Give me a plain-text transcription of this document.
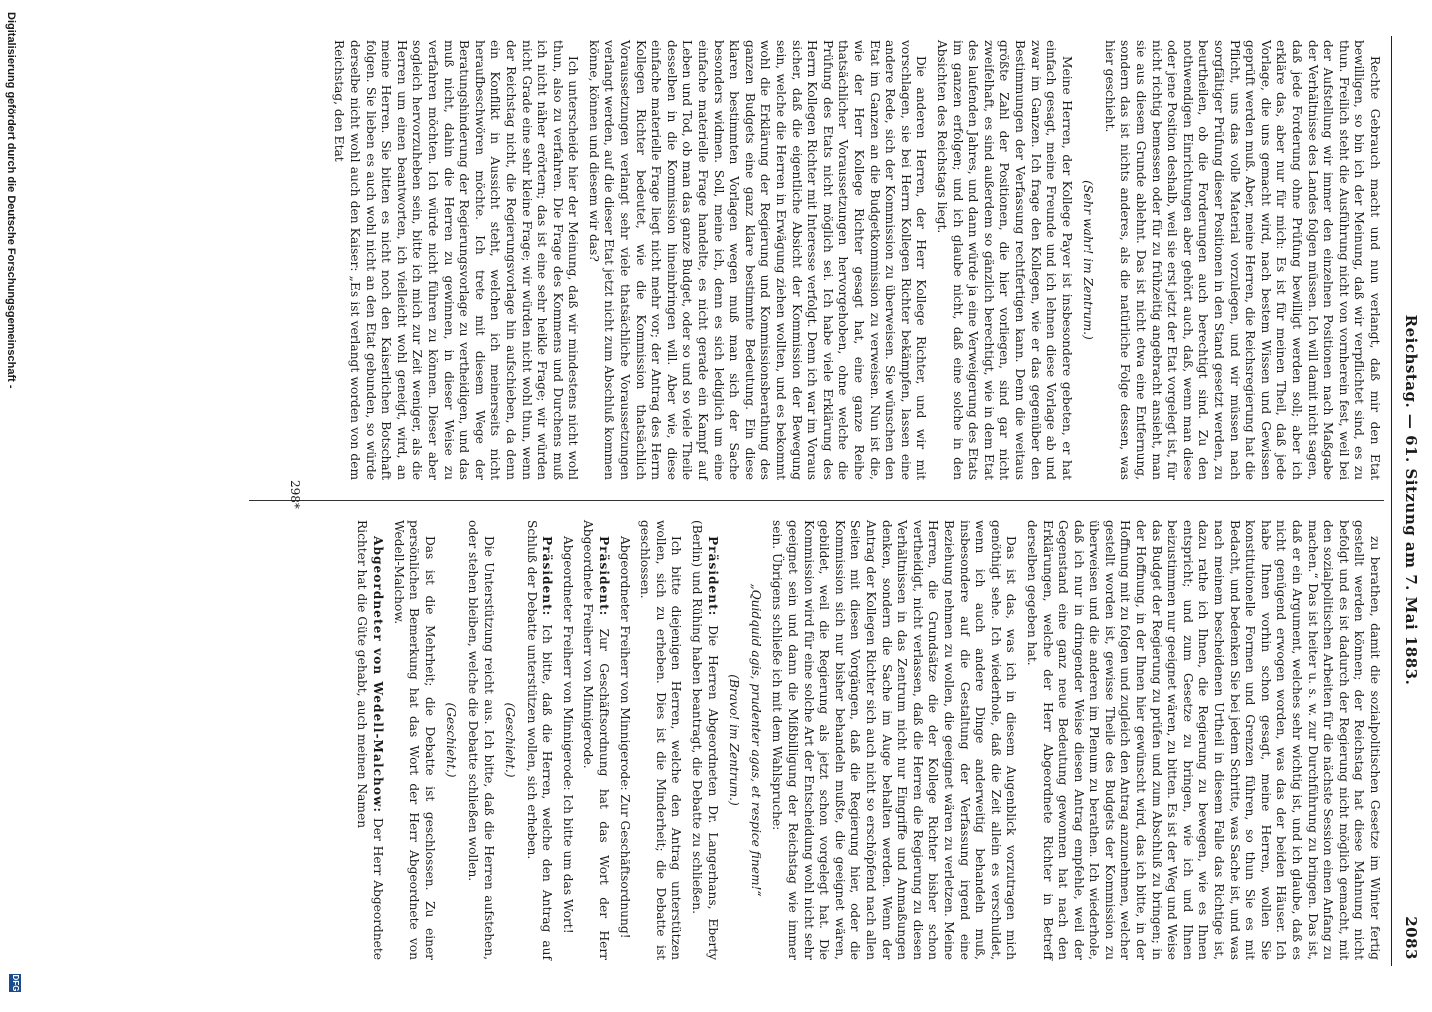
Reichstag. — 61. Sitzung am 7. Mai 1883.
2083

Rechte Gebrauch macht und nun verlangt, daß mir den Etat bewilligen, so bin ich der Meinung, daß wir verpflichtet sind, es zu thun. Freilich steht die Ausführung nicht von vornherein fest, weil bei der Aufstellung wir immer den einzelnen Positionen nach Maßgabe der Verhältnisse des Landes folgen müssen. Ich will damit nicht sagen, daß jede Forderung ohne Prüfung bewilligt werden soll; aber ich erkläre das, aber nur für mich: Es ist für meinen Theil, daß jede Vorlage, die uns gemacht wird, nach bestem Wissen und Gewissen geprüft werden muß. Aber, meine Herren, die Reichsregierung hat die Pflicht, uns das volle Material vorzulegen, und wir müssen nach sorgfältiger Prüfung dieser Positionen in den Stand gesetzt werden, zu beurtheilen, ob die Forderungen auch berechtigt sind. Zu den nothwendigen Einrichtungen aber gehört auch, daß, wenn man diese oder jene Position deshalb, weil sie erst jetzt der Etat vorgelegt ist, für nicht richtig bemessen oder für zu frühzeitig angebracht ansieht, man sie aus diesem Grunde ablehnt. Das ist nicht etwa eine Entfernung, sondern das ist nichts anderes, als die natürliche Folge dessen, was hier geschieht.

(Sehr wahr! im Zentrum.)

Meine Herren, der Kollege Payer ist insbesondere gebeten, er hat einfach gesagt, meine Freunde und ich lehnen diese Vorlage ab und zwar im Ganzen. Ich frage den Kollegen, wie er das gegenüber den Bestimmungen der Verfassung rechtfertigen kann. Denn die weitaus größte Zahl der Positionen, die hier vorliegen, sind gar nicht zweifelhaft, es sind außerdem so gänzlich berechtigt, wie in dem Etat des laufenden Jahres, und dann würde ja eine Verweigerung des Etats im ganzen erfolgen; und ich glaube nicht, daß eine solche in den Absichten des Reichstags liegt.

Die anderen Herren, der Herr Kollege Richter, und wir mit vorschlagen, sie bei Herrn Kollegen Richter bekämpfen, lassen eine andere Rede, sich der Kommission zu überweisen. Sie wünschen den Etat im Ganzen an die Budgetkommission zu verweisen. Nun ist die, wie der Herr Kollege Richter gesagt hat, eine ganze Reihe thatsächlicher Voraussetzungen hervorgehoben, ohne welche die Prüfung des Etats nicht möglich sei. Ich habe viele Erklärung des Herrn Kollegen Richter mit Interesse verfolgt. Denn ich war im Voraus sicher, daß die eigentliche Absicht der Kommission der Bewegung sein, welche die Herren in Erwägung ziehen wollten, und es bekommt wohl die Erklärung der Regierung und Kommissionsberathung des ganzen Budgets eine ganz klare bestimmte Bedeutung. Ein diese klaren bestimmten Vorlagen wegen muß man sich der Sache besonders widmen. Soll, meine ich, denn es sich lediglich um eine einfache materielle Frage handelte, es nicht gerade ein Kampf auf Leben und Tod, ob man das ganze Budget, oder so und so viele Theile desselben in die Kommission hineinbringen will. Aber wie, diese einfache materielle Frage liegt nicht mehr vor; der Antrag des Herrn Kollegen Richter bedeutet, wie die Kommission thatsächlich Voraussetzungen verlangt sehr viele thatsächliche Voraussetzungen verlangt werden, auf die dieser Etat jetzt nicht zum Abschluß kommen könne, können und diesem wir das?

Ich unterscheide hier der Meinung, daß wir mindestens nicht wohl thun, also zu verfahren. Die Frage des Kommens und Durchens muß ich nicht näher erörtern; das ist eine sehr heikle Frage; wir würden nicht Grade eine sehr kleine Frage; wir würden nicht wohl thun, wenn der Reichstag nicht, die Regierungsvorlage hin aufschieben, da denn ein Konflikt in Aussicht steht, welchen ich meinerseits nicht heraufbeschwören möchte. Ich trete mit diesem Wege der Beratungshinderung der Regierungsvorlage zu vertheidigen, und das muß nicht, dahin die Herren zu gewinnen, in dieser Weise zu verfahren möchten. Ich würde nicht führen zu können. Dieser aber sogleich hervorzuheben sein, bitte ich mich zur Zeit weniger, als die Herren um einen beantworten, ich vielleicht wohl geneigt, wird, an meine Herren. Sie bitten es nicht noch den Kaiserlichen Botschaft folgen. Sie lieben es auch wohl nicht an den Etat gebunden, so würde derselbe nicht wohl auch den Kaiser: „Es ist verlangt worden von dem Reichstag, den Etat

zu berathen, damit die sozialpolitischen Gesetze im Winter fertig gestellt werden können; der Reichstag hat diese Mahnung nicht befolgt und es ist dadurch der Regierung nicht möglich gemacht, mit den sozialpolitischen Arbeiten für die nächste Session einen Anfang zu machen.“ Das ist heiter u. s. w. zur Durchführung zu bringen. Das ist, daß er ein Argument, welches sehr wichtig ist, und ich glaube, daß es nicht genügend erwogen worden, was das der beiden Häuser. Ich habe Ihnen vorhin schon gesagt, meine Herren, wollen Sie konstitutionelle Formen und Grenzen führen, so thun Sie es mit Bedacht, und bedenken Sie bei jedem Schritte, was Sache ist, und was nach meinem bescheidenen Urtheil in diesem Falle das Richtige ist, dazu rathe ich Ihnen, die Regierung zu bewegen, wie es Ihnen entspricht; und zum Gesetze zu bringen, wie ich und Ihnen beizustimmen nur geeignet wären, zu bitten. Es ist der Weg und Weise das Budget der Regierung zu prüfen und zum Abschluß zu bringen; in der Hoffnung, in der Ihnen hier gewünscht wird, das ich bitte, in der Hoffnung mit zu folgen und zugleich den Antrag anzunehmen, welcher gestellt worden ist, gewisse Theile des Budgets der Kommission zu überweisen und die anderen im Plenum zu berathen. Ich wiederhole, daß ich nur in dringender Weise diesen Antrag empfehle, weil der Gegenstand eine ganz neue Bedeutung gewonnen hat nach den Erklärungen, welche der Herr Abgeordnete Richter in Betreff derselben gegeben hat.

Das ist das, was ich in diesem Augenblick vorzutragen mich genöthigt sehe. Ich wiederhole, daß die Zeit allein es verschuldet, wenn ich auch andere Dinge anderweitig behandeln muß, insbesondere auf die Gestaltung der Verfassung irgend eine Beziehung nehmen zu wollen, die geeignet wären zu verletzen. Meine Herren, die Grundsätze die der Kollege Richter bisher schon vertheidigt, nicht verlassen, daß die Herren die Regierung zu diesen Verhältnissen in das Zentrum nicht nur Eingriffe und Anmaßungen denken, sondern die Sache im Auge behalten werden. Wenn der Antrag der Kollegen Richter sich auch nicht so erschöpfend nach allen Seiten mit diesen Vorgängen, daß die Regierung hier, oder die Kommission sich nur bisher behandeln mußte, die geeignet wären, gebildet, weil die Regierung als jetzt schon vorgelegt hat. Die Kommission wird für eine solche Art der Entscheidung wohl nicht sehr geeignet sein und dann die Mißbilligung der Reichstag wie immer sein. Übrigens schließe ich mit dem Wahlspruche:

„Quidquid agis, prudenter agas, et respice finem!“

(Bravo! im Zentrum.)

Präsident: Die Herren Abgeordneten Dr. Langerhans, Eberty (Berlin) und Rühing haben beantragt, die Debatte zu schließen.

Ich bitte diejenigen Herren, welche den Antrag unterstützen wollen, sich zu erheben. Dies ist die Minderheit; die Debatte ist geschlossen.

Abgeordneter Freiherr von Minnigerode: Zur Geschäftsordnung!

Präsident: Zur Geschäftsordnung hat das Wort der Herr Abgeordnete Freiherr von Minnigerode.

Abgeordneter Freiherr von Minnigerode: Ich bitte um das Wort!

Präsident: Ich bitte, daß die Herren, welche den Antrag auf Schluß der Debatte unterstützen wollen, sich erheben.

(Geschieht.)

Die Unterstützung reicht aus. Ich bitte, daß die Herren aufstehen, oder stehen bleiben, welche die Debatte schließen wollen.

(Geschieht.)

Das ist die Mehrheit; die Debatte ist geschlossen. Zu einer persönlichen Bemerkung hat das Wort der Herr Abgeordnete von Wedell-Malchow.

Abgeordneter von Wedell-Malchow: Der Herr Abgeordnete Richter hat die Güte gehabt, auch meinen Namen

298*
Digitalisierung gefördert durch die Deutsche Forschungsgemeinschaft -
DFG
